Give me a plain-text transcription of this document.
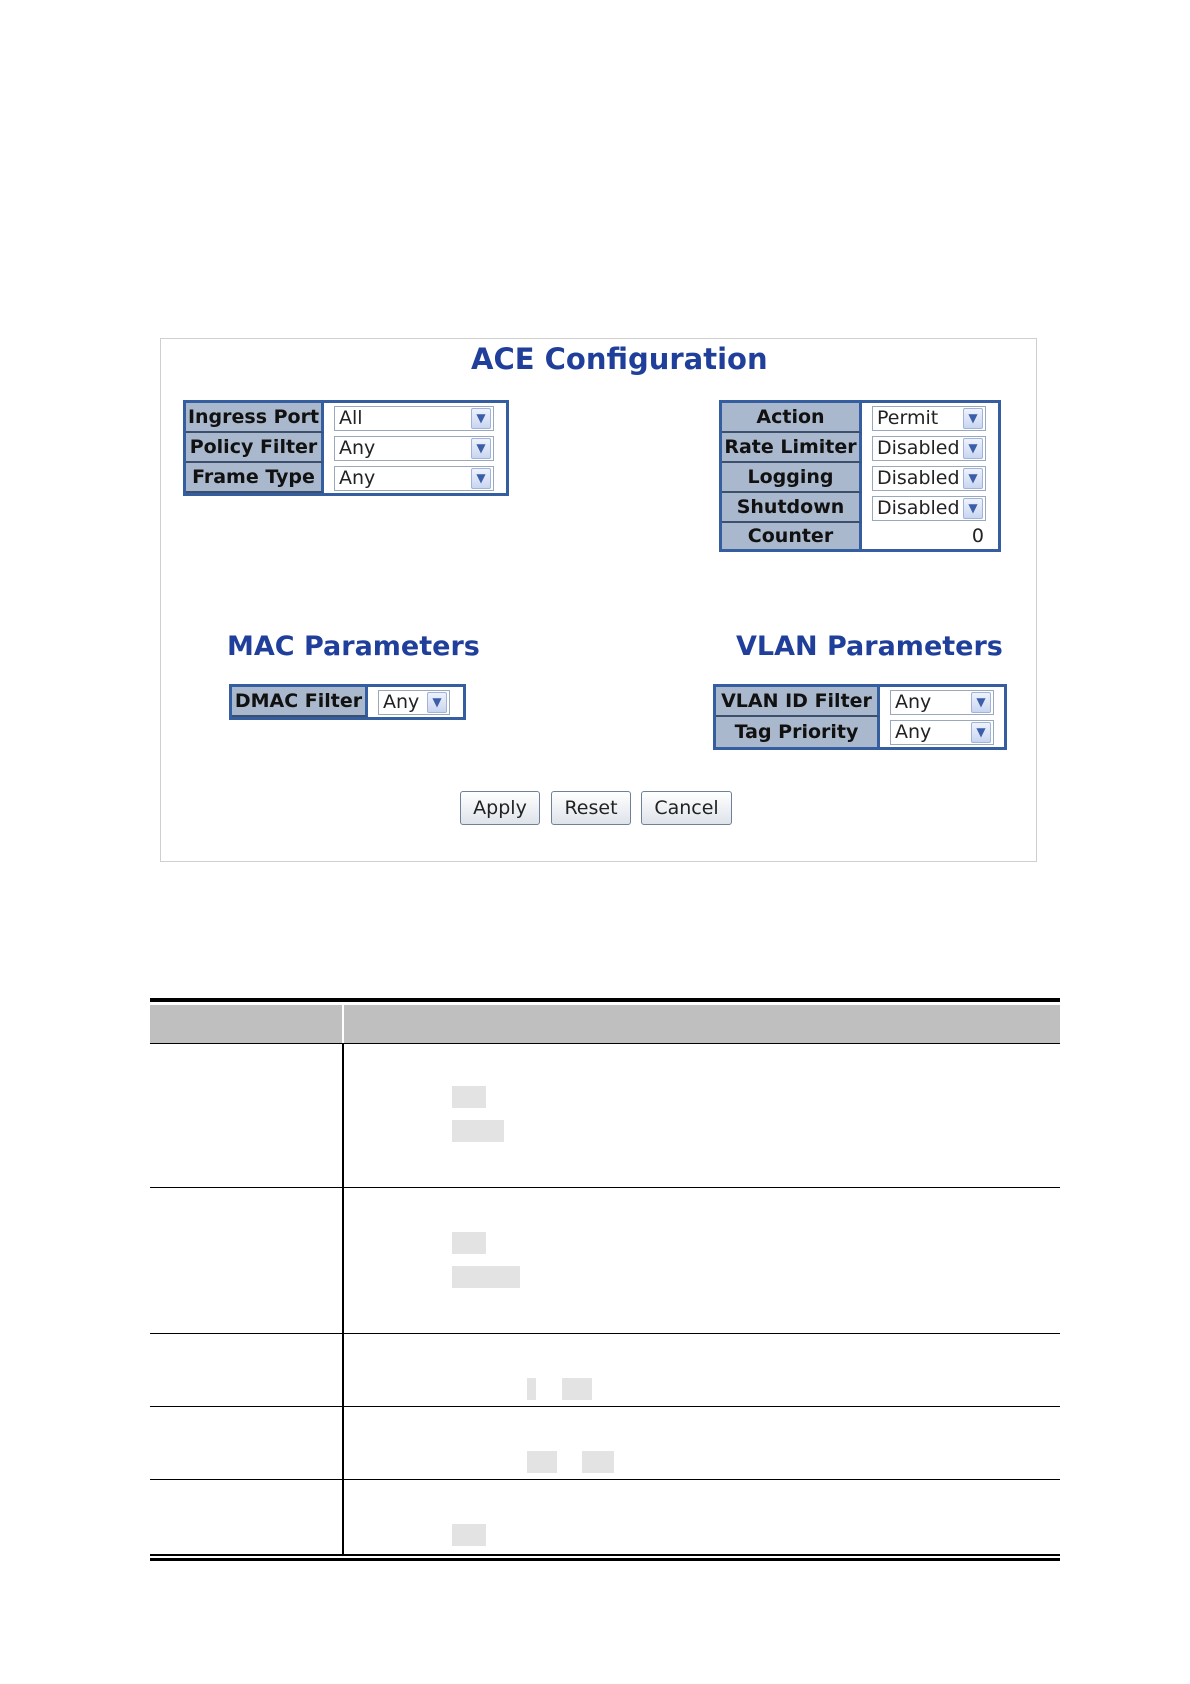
ACE Configuration
Ingress Port All	▼
Policy Filter	Any	▼
Frame Type	Any	▼
Action	Permit	▼
Rate Limiter Disabled ▼
Logging	Disabled ▼
Shutdown	Disabled ▼
Counter	0
MAC Parameters	VLAN Parameters
DMAC Filter	Any	▼	VLAN ID Filter	Any	▼
Tag Priority	Any	▼
Apply	Reset	Cancel
